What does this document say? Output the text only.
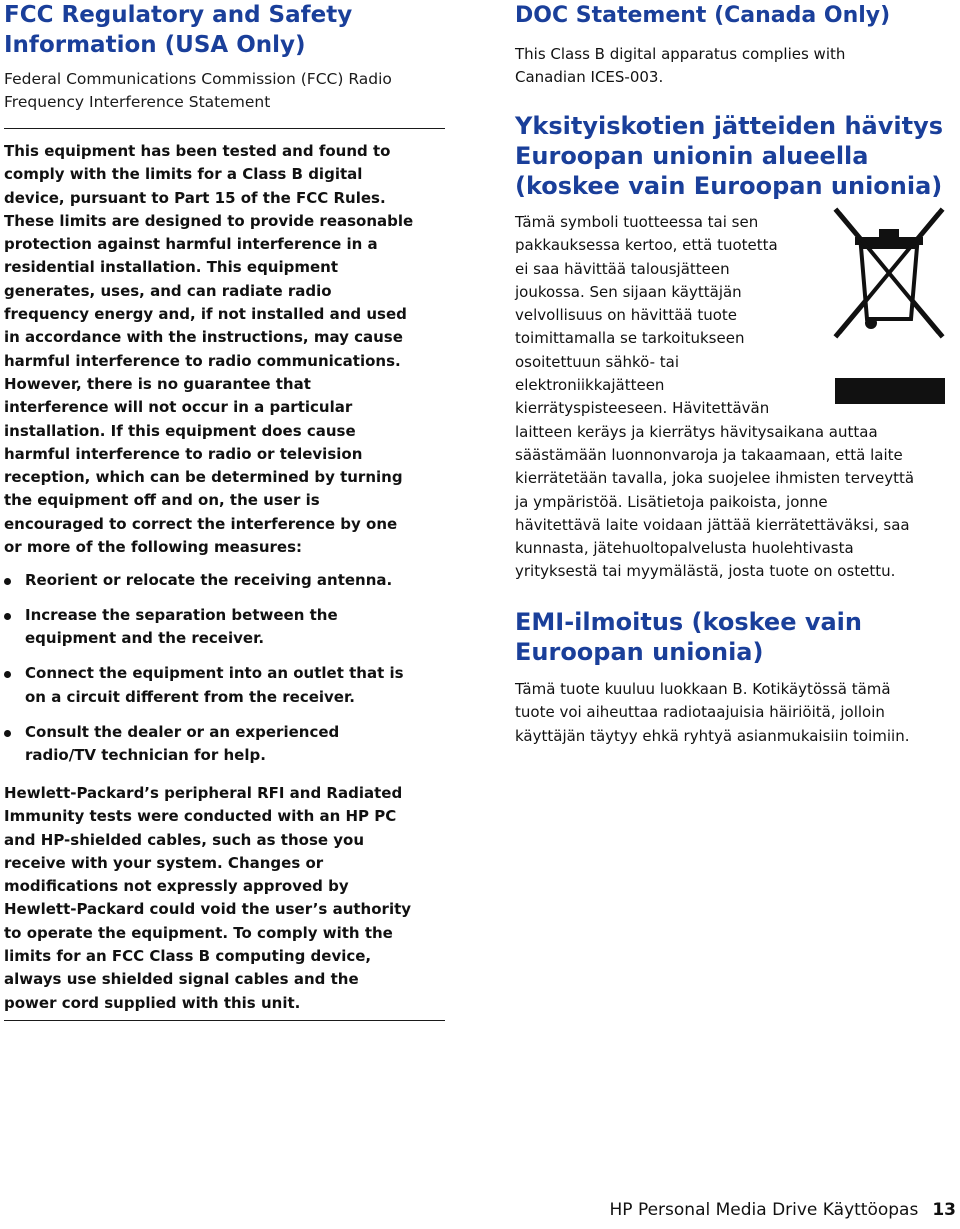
FCC Regulatory and Safety
Information (USA Only)
Federal Communications Commission (FCC) Radio
Frequency Interference Statement
This equipment has been tested and found to
comply with the limits for a Class B digital
device, pursuant to Part 15 of the FCC Rules.
These limits are designed to provide reasonable
protection against harmful interference in a
residential installation. This equipment
generates, uses, and can radiate radio
frequency energy and, if not installed and used
in accordance with the instructions, may cause
harmful interference to radio communications.
However, there is no guarantee that
interference will not occur in a particular
installation. If this equipment does cause
harmful interference to radio or television
reception, which can be determined by turning
the equipment off and on, the user is
encouraged to correct the interference by one
or more of the following measures:
Reorient or relocate the receiving antenna.
Increase the separation between the
equipment and the receiver.
Connect the equipment into an outlet that is
on a circuit different from the receiver.
Consult the dealer or an experienced
radio/TV technician for help.
Hewlett-Packard’s peripheral RFI and Radiated
Immunity tests were conducted with an HP PC
and HP-shielded cables, such as those you
receive with your system. Changes or
modifications not expressly approved by
Hewlett-Packard could void the user’s authority
to operate the equipment. To comply with the
limits for an FCC Class B computing device,
always use shielded signal cables and the
power cord supplied with this unit.
DOC Statement (Canada Only)
This Class B digital apparatus complies with
Canadian ICES-003.
Yksityiskotien jätteiden hävitys
Euroopan unionin alueella
(koskee vain Euroopan unionia)
Tämä symboli tuotteessa tai sen
pakkauksessa kertoo, että tuotetta
ei saa hävittää talousjätteen
joukossa. Sen sijaan käyttäjän
velvollisuus on hävittää tuote
toimittamalla se tarkoitukseen
osoitettuun sähkö- tai
elektroniikkajätteen
kierrätyspisteeseen. Hävitettävän
laitteen keräys ja kierrätys hävitysaikana auttaa
säästämään luonnonvaroja ja takaamaan, että laite
kierrätetään tavalla, joka suojelee ihmisten terveyttä
ja ympäristöä. Lisätietoja paikoista, jonne
hävitettävä laite voidaan jättää kierrätettäväksi, saa
kunnasta, jätehuoltopalvelusta huolehtivasta
yrityksestä tai myymälästä, josta tuote on ostettu.
EMI-ilmoitus (koskee vain
Euroopan unionia)
Tämä tuote kuuluu luokkaan B. Kotikäytössä tämä
tuote voi aiheuttaa radiotaajuisia häiriöitä, jolloin
käyttäjän täytyy ehkä ryhtyä asianmukaisiin toimiin.
HP Personal Media Drive Käyttöopas 13
